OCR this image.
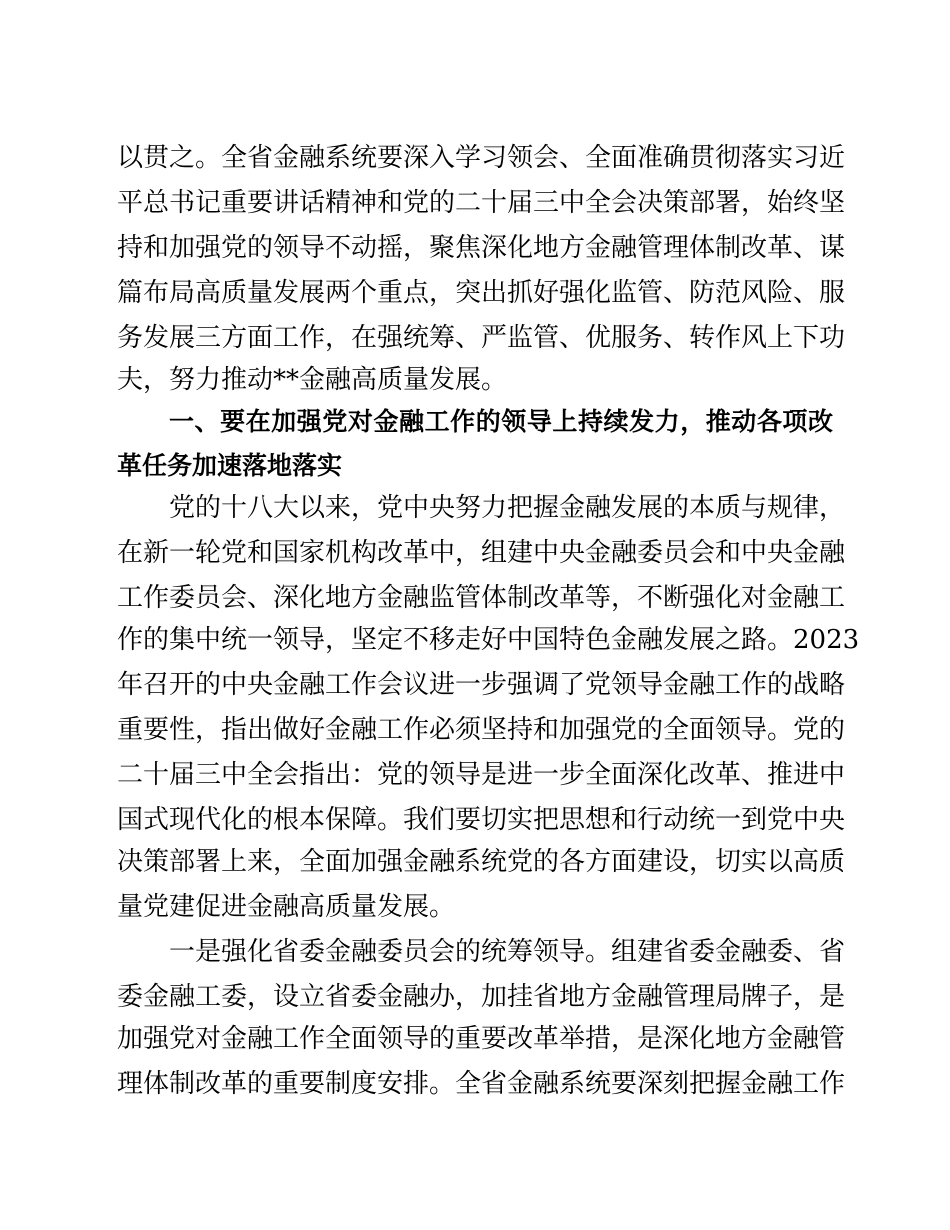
以贯之。全省金融系统要深入学习领会、全面准确贯彻落实习近
平总书记重要讲话精神和党的二十届三中全会决策部署，始终坚
持和加强党的领导不动摇，聚焦深化地方金融管理体制改革、谋
篇布局高质量发展两个重点，突出抓好强化监管、防范风险、服
务发展三方面工作，在强统筹、严监管、优服务、转作风上下功
夫，努力推动**金融高质量发展。
一、要在加强党对金融工作的领导上持续发力，推动各项改
革任务加速落地落实
党的十八大以来，党中央努力把握金融发展的本质与规律，
在新一轮党和国家机构改革中，组建中央金融委员会和中央金融
工作委员会、深化地方金融监管体制改革等，不断强化对金融工
作的集中统一领导，坚定不移走好中国特色金融发展之路。2023
年召开的中央金融工作会议进一步强调了党领导金融工作的战略
重要性，指出做好金融工作必须坚持和加强党的全面领导。党的
二十届三中全会指出：党的领导是进一步全面深化改革、推进中
国式现代化的根本保障。我们要切实把思想和行动统一到党中央
决策部署上来，全面加强金融系统党的各方面建设，切实以高质
量党建促进金融高质量发展。
一是强化省委金融委员会的统筹领导。组建省委金融委、省
委金融工委，设立省委金融办，加挂省地方金融管理局牌子，是
加强党对金融工作全面领导的重要改革举措，是深化地方金融管
理体制改革的重要制度安排。全省金融系统要深刻把握金融工作
